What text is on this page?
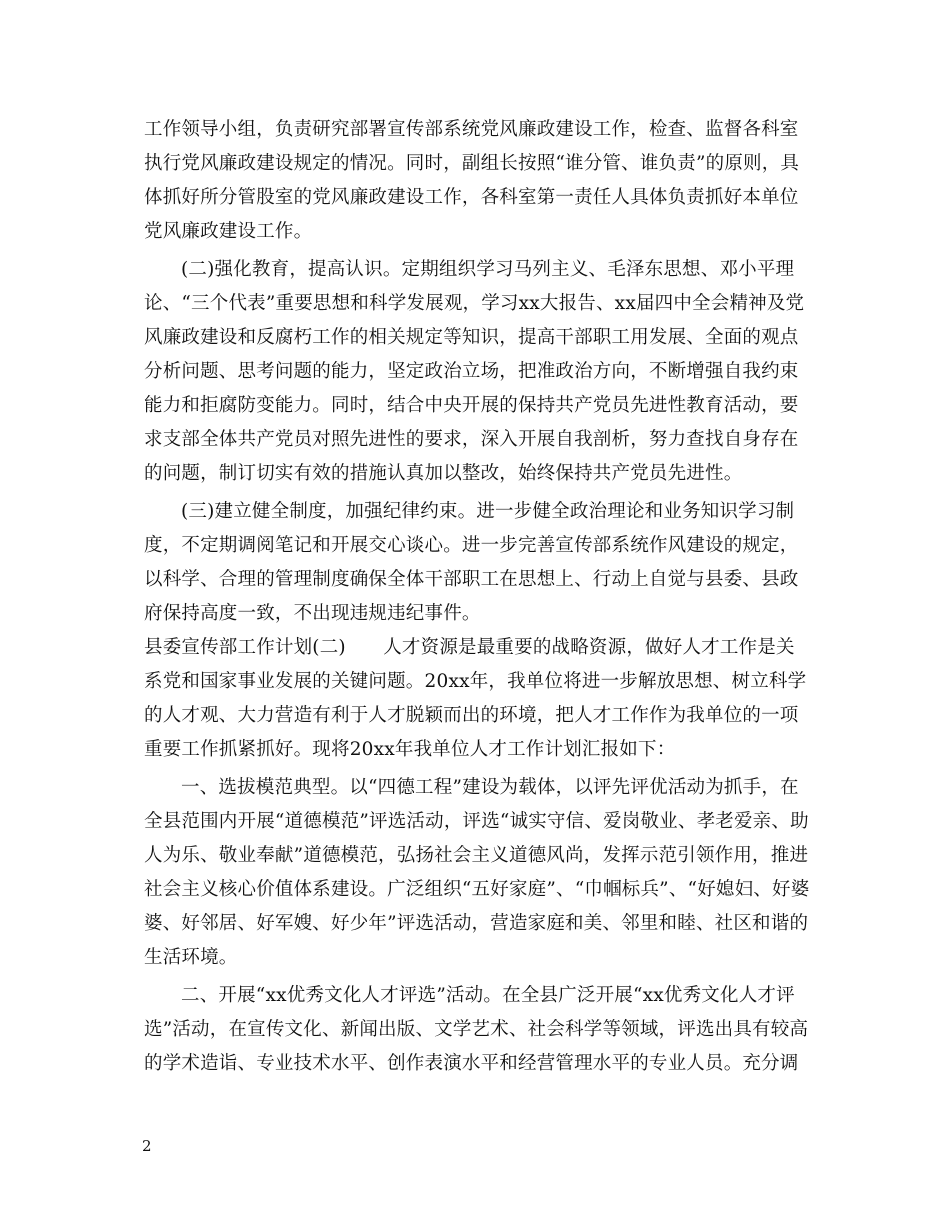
工作领导小组，负责研究部署宣传部系统党风廉政建设工作，检查、监督各科室执行党风廉政建设规定的情况。同时，副组长按照“谁分管、谁负责”的原则，具体抓好所分管股室的党风廉政建设工作，各科室第一责任人具体负责抓好本单位党风廉政建设工作。

(二)强化教育，提高认识。定期组织学习马列主义、毛泽东思想、邓小平理论、“三个代表”重要思想和科学发展观，学习xx大报告、xx届四中全会精神及党风廉政建设和反腐朽工作的相关规定等知识，提高干部职工用发展、全面的观点分析问题、思考问题的能力，坚定政治立场，把准政治方向，不断增强自我约束能力和拒腐防变能力。同时，结合中央开展的保持共产党员先进性教育活动，要求支部全体共产党员对照先进性的要求，深入开展自我剖析，努力查找自身存在的问题，制订切实有效的措施认真加以整改，始终保持共产党员先进性。

(三)建立健全制度，加强纪律约束。进一步健全政治理论和业务知识学习制度，不定期调阅笔记和开展交心谈心。进一步完善宣传部系统作风建设的规定，以科学、合理的管理制度确保全体干部职工在思想上、行动上自觉与县委、县政府保持高度一致，不出现违规违纪事件。

县委宣传部工作计划(二)　　人才资源是最重要的战略资源，做好人才工作是关系党和国家事业发展的关键问题。20xx年，我单位将进一步解放思想、树立科学的人才观、大力营造有利于人才脱颖而出的环境，把人才工作作为我单位的一项重要工作抓紧抓好。现将20xx年我单位人才工作计划汇报如下：

一、选拔模范典型。以“四德工程”建设为载体，以评先评优活动为抓手，在全县范围内开展“道德模范”评选活动，评选“诚实守信、爱岗敬业、孝老爱亲、助人为乐、敬业奉献”道德模范，弘扬社会主义道德风尚，发挥示范引领作用，推进社会主义核心价值体系建设。广泛组织“五好家庭”、“巾帼标兵”、“好媳妇、好婆婆、好邻居、好军嫂、好少年”评选活动，营造家庭和美、邻里和睦、社区和谐的生活环境。

二、开展“xx优秀文化人才评选”活动。在全县广泛开展“xx优秀文化人才评选”活动，在宣传文化、新闻出版、文学艺术、社会科学等领域，评选出具有较高的学术造诣、专业技术水平、创作表演水平和经营管理水平的专业人员。充分调

2
